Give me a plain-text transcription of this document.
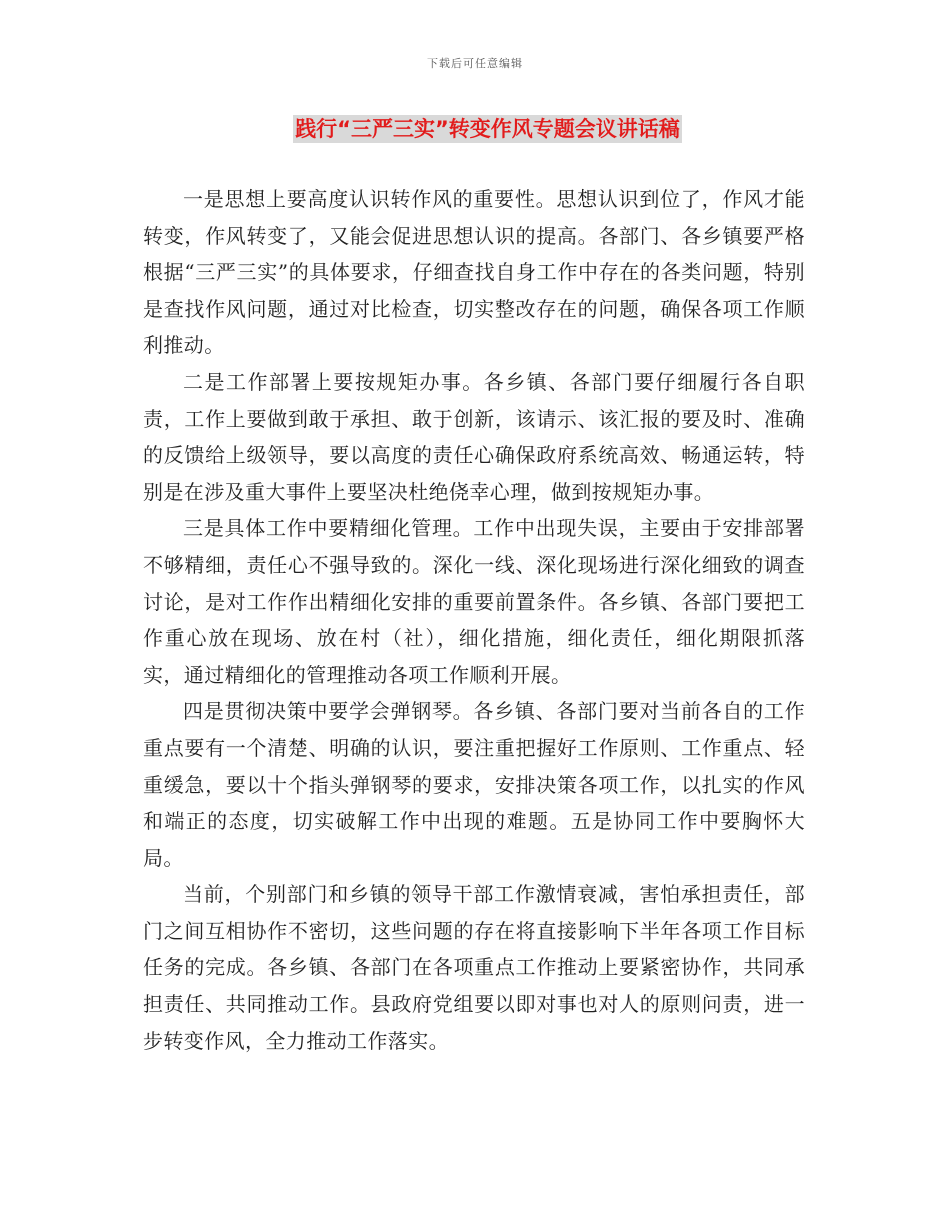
下载后可任意编辑
践行“三严三实”转变作风专题会议讲话稿

一是思想上要高度认识转作风的重要性。思想认识到位了，作风才能转变，作风转变了，又能会促进思想认识的提高。各部门、各乡镇要严格根据“三严三实”的具体要求，仔细查找自身工作中存在的各类问题，特别是查找作风问题，通过对比检查，切实整改存在的问题，确保各项工作顺利推动。

二是工作部署上要按规矩办事。各乡镇、各部门要仔细履行各自职责，工作上要做到敢于承担、敢于创新，该请示、该汇报的要及时、准确的反馈给上级领导，要以高度的责任心确保政府系统高效、畅通运转，特别是在涉及重大事件上要坚决杜绝侥幸心理，做到按规矩办事。

三是具体工作中要精细化管理。工作中出现失误，主要由于安排部署不够精细，责任心不强导致的。深化一线、深化现场进行深化细致的调查讨论，是对工作作出精细化安排的重要前置条件。各乡镇、各部门要把工作重心放在现场、放在村（社），细化措施，细化责任，细化期限抓落实，通过精细化的管理推动各项工作顺利开展。

四是贯彻决策中要学会弹钢琴。各乡镇、各部门要对当前各自的工作重点要有一个清楚、明确的认识，要注重把握好工作原则、工作重点、轻重缓急，要以十个指头弹钢琴的要求，安排决策各项工作，以扎实的作风和端正的态度，切实破解工作中出现的难题。五是协同工作中要胸怀大局。

当前，个别部门和乡镇的领导干部工作激情衰减，害怕承担责任，部门之间互相协作不密切，这些问题的存在将直接影响下半年各项工作目标任务的完成。各乡镇、各部门在各项重点工作推动上要紧密协作，共同承担责任、共同推动工作。县政府党组要以即对事也对人的原则问责，进一步转变作风，全力推动工作落实。
